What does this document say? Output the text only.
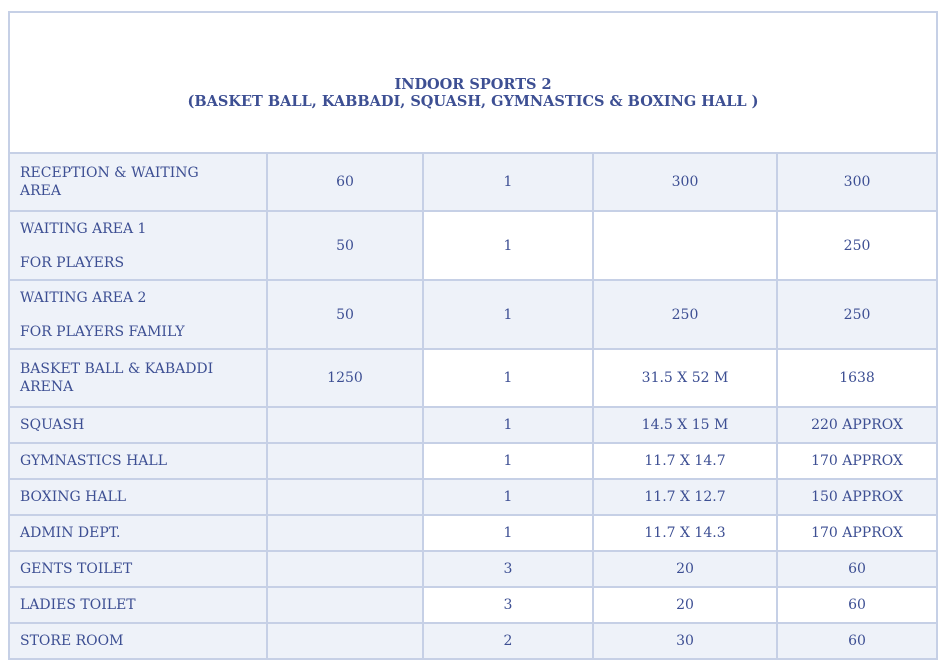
INDOOR SPORTS 2
(BASKET BALL, KABBADI, SQUASH, GYMNASTICS & BOXING HALL )				

RECEPTION & WAITING
AREA	60	1	300	300

WAITING AREA 1
FOR PLAYERS	50	1		250

WAITING AREA 2
FOR PLAYERS FAMILY	50	1	250	250

BASKET BALL & KABADDI
ARENA	1250	1	31.5 X 52 M	1638

SQUASH		1	14.5 X 15 M	220 APPROX

GYMNASTICS HALL		1	11.7 X 14.7	170 APPROX

BOXING HALL		1	11.7 X 12.7	150 APPROX

ADMIN DEPT.		1	11.7 X 14.3	170 APPROX

GENTS TOILET		3	20	60

LADIES TOILET		3	20	60

STORE ROOM		2	30	60
